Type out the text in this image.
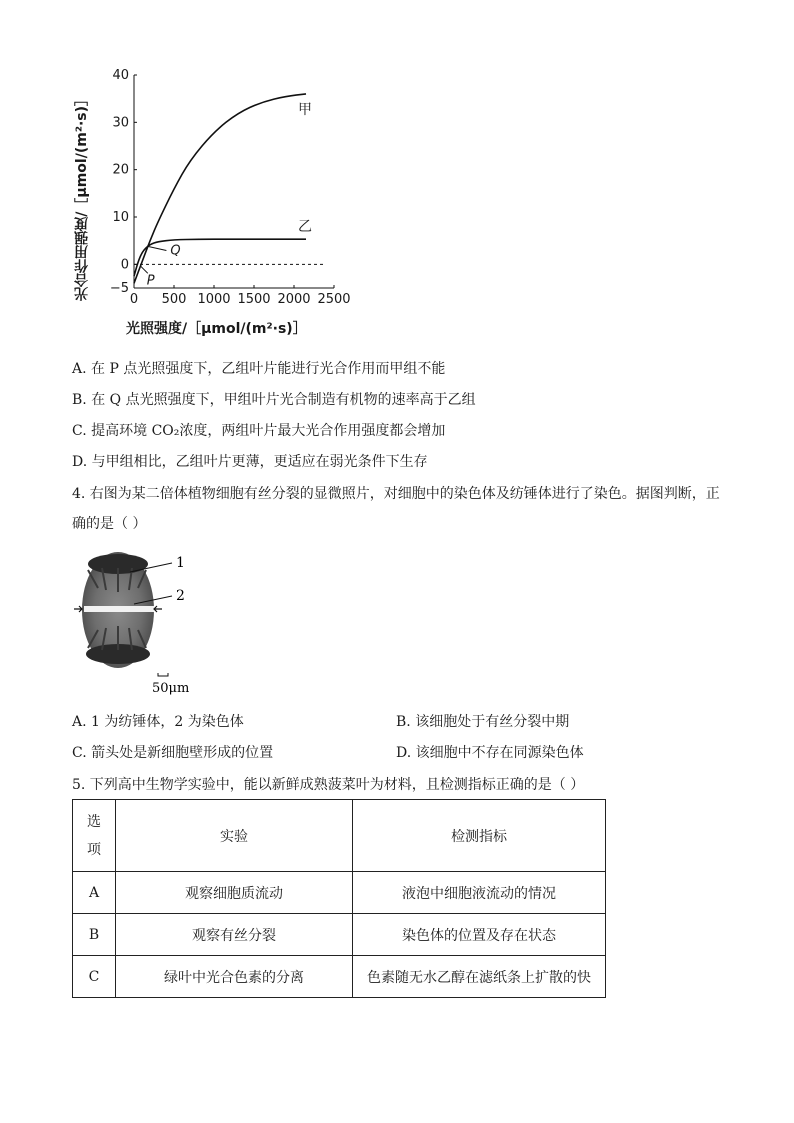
0 500 1000 1500 2000 2500
−5
0
10
20
30
40
甲
乙
P
Q
光合作用强度/［μmol/(m²·s)］
光照强度/［μmol/(m²·s)］
A. 在 P 点光照强度下，乙组叶片能进行光合作用而甲组不能
B. 在 Q 点光照强度下，甲组叶片光合制造有机物的速率高于乙组
C. 提高环境 CO₂浓度，两组叶片最大光合作用强度都会增加
D. 与甲组相比，乙组叶片更薄，更适应在弱光条件下生存
4. 右图为某二倍体植物细胞有丝分裂的显微照片，对细胞中的染色体及纺锤体进行了染色。据图判断，正
确的是（ ）
1
2
50μm
A. 1 为纺锤体，2 为染色体	B. 该细胞处于有丝分裂中期
C. 箭头处是新细胞壁形成的位置	D. 该细胞中不存在同源染色体
5. 下列高中生物学实验中，能以新鲜成熟菠菜叶为材料，且检测指标正确的是（ ）
选
项	实验	检测指标
A	观察细胞质流动	液泡中细胞液流动的情况
B	观察有丝分裂	染色体的位置及存在状态
C	绿叶中光合色素的分离	色素随无水乙醇在滤纸条上扩散的快
